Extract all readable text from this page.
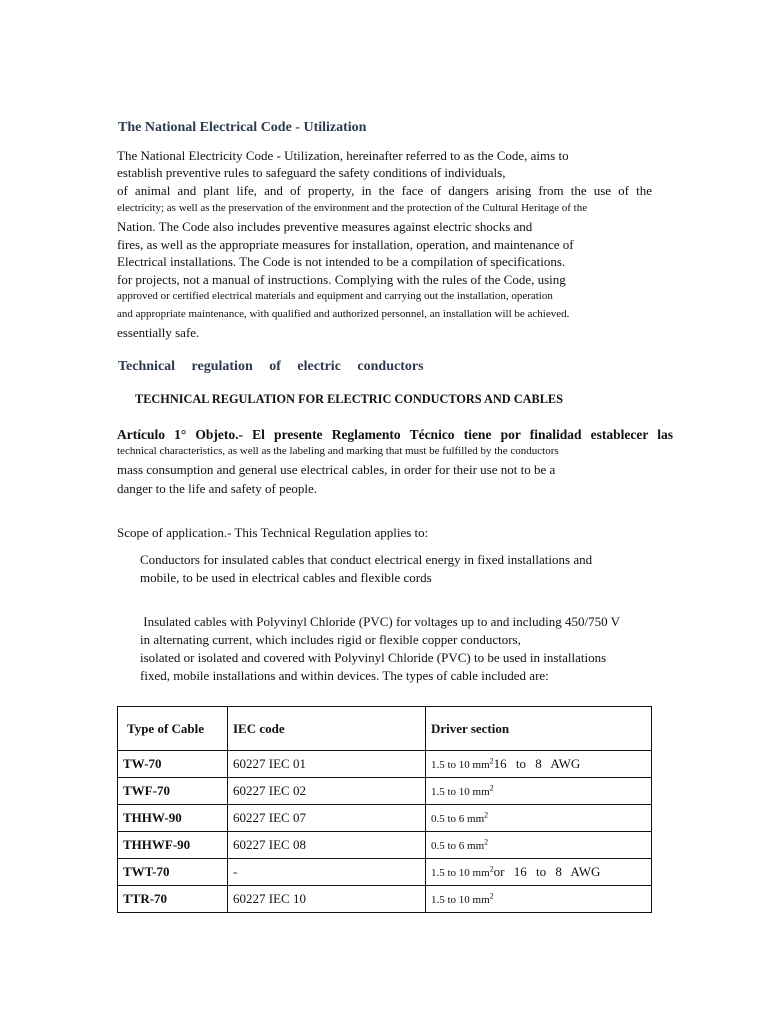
The National Electrical Code - Utilization
The National Electricity Code - Utilization, hereinafter referred to as the Code, aims to
establish preventive rules to safeguard the safety conditions of individuals,
of animal and plant life, and of property, in the face of dangers arising from the use of the
electricity; as well as the preservation of the environment and the protection of the Cultural Heritage of the
Nation. The Code also includes preventive measures against electric shocks and
fires, as well as the appropriate measures for installation, operation, and maintenance of
Electrical installations. The Code is not intended to be a compilation of specifications.
for projects, not a manual of instructions. Complying with the rules of the Code, using
approved or certified electrical materials and equipment and carrying out the installation, operation
and appropriate maintenance, with qualified and authorized personnel, an installation will be achieved.
essentially safe.
Technical regulation of electric conductors
TECHNICAL REGULATION FOR ELECTRIC CONDUCTORS AND CABLES
Artículo 1° Objeto.- El presente Reglamento Técnico tiene por finalidad establecer las
technical characteristics, as well as the labeling and marking that must be fulfilled by the conductors
mass consumption and general use electrical cables, in order for their use not to be a
danger to the life and safety of people.
Scope of application.- This Technical Regulation applies to:
Conductors for insulated cables that conduct electrical energy in fixed installations and
mobile, to be used in electrical cables and flexible cords
Insulated cables with Polyvinyl Chloride (PVC) for voltages up to and including 450/750 V
in alternating current, which includes rigid or flexible copper conductors,
isolated or isolated and covered with Polyvinyl Chloride (PVC) to be used in installations
fixed, mobile installations and within devices. The types of cable included are:
Type of Cable	IEC code	Driver section
TW-70	60227 IEC 01	1.5 to 10 $mm^216$ to 8 AWG
TWF-70	60227 IEC 02	1.5 to 10 $mm^2$
THHW-90	60227 IEC 07	0.5 to 6 $mm^2$
THHWF-90	60227 IEC 08	0.5 to 6 $mm^2$
TWT-70	-	1.5 to 10 $mm^2or$ 16 to 8 AWG
TTR-70	60227 IEC 10	1.5 to 10 $mm^2$
